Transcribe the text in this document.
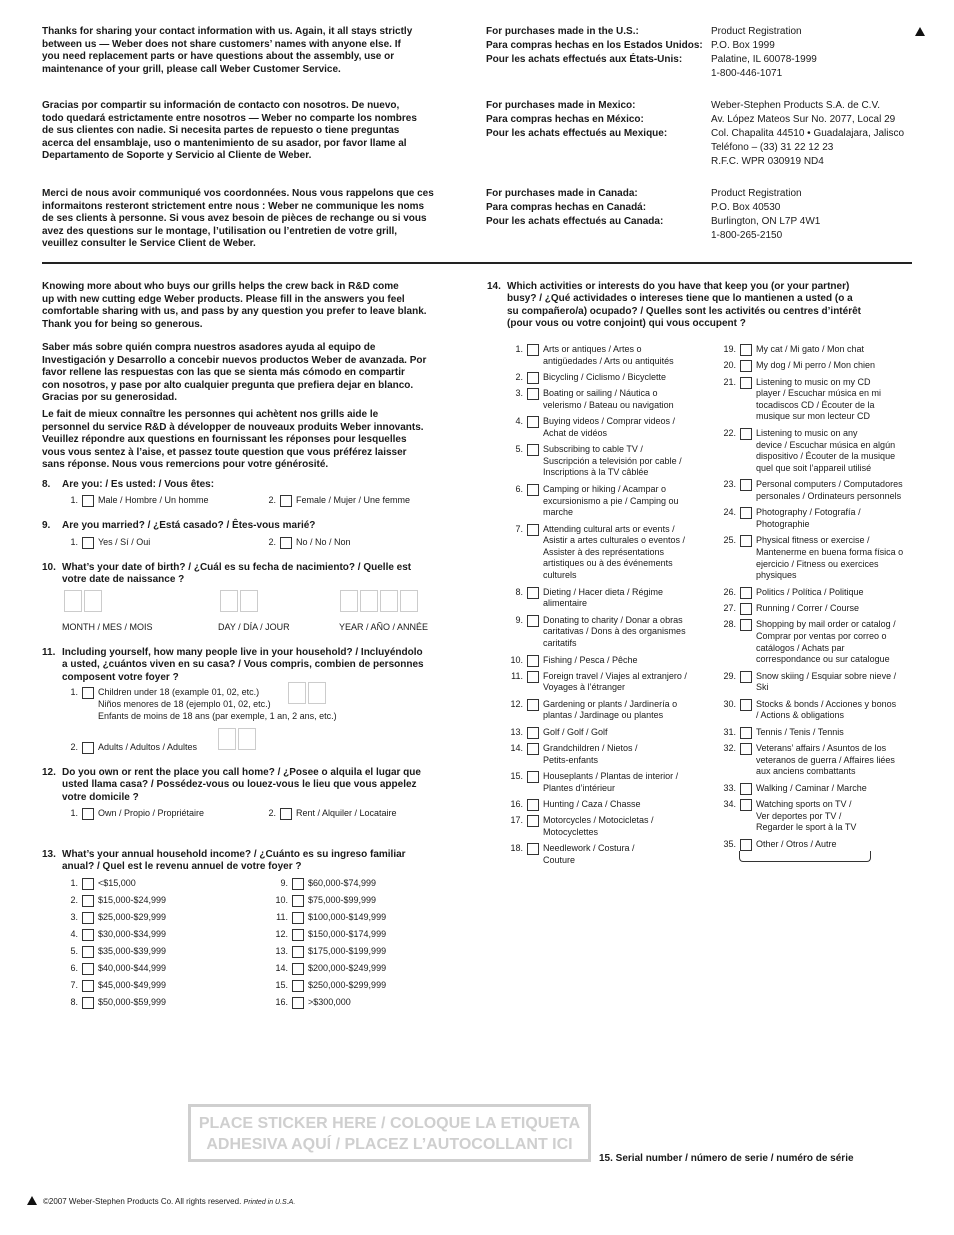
Thanks for sharing your contact information with us. Again, it all stays strictly

between us — Weber does not share customers’ names with anyone else. If

you need replacement parts or have questions about the assembly, use or

maintenance of your grill, please call Weber Customer Service.

Gracias por compartir su información de contacto con nosotros. De nuevo,

todo quedará estrictamente entre nosotros — Weber no comparte los nombres

de sus clientes con nadie. Si necesita partes de repuesto o tiene preguntas

acerca del ensamblaje, uso o mantenimiento de su asador, por favor llame al

Departamento de Soporte y Servicio al Cliente de Weber.

Merci de nous avoir communiqué vos coordonnées. Nous vous rappelons que ces

informaitons resteront strictement entre nous : Weber ne communique les noms

de ses clients à personne. Si vous avez besoin de pièces de rechange ou si vous

avez des questions sur le montage, l’utilisation ou l’entretien de votre grill,

veuillez consulter le Service Client de Weber.

For purchases made in the U.S.:
Para compras hechas en los Estados Unidos:
Pour les achats effectués aux États-Unis:
Product Registration
P.O. Box 1999
Palatine, IL 60078-1999
1-800-446-1071
For purchases made in Mexico:
Para compras hechas en México:
Pour les achats effectués au Mexique:
Weber-Stephen Products S.A. de C.V.
Av. López Mateos Sur No. 2077, Local 29
Col. Chapalita 44510 • Guadalajara, Jalisco
Teléfono – (33) 31 22 12 23
R.F.C. WPR 030919 ND4
For purchases made in Canada:
Para compras hechas en Canadá:
Pour les achats effectués au Canada:
Product Registration
P.O. Box 40530
Burlington, ON L7P 4W1
1-800-265-2150

Knowing more about who buys our grills helps the crew back in R&D come

up with new cutting edge Weber products. Please fill in the answers you feel

comfortable sharing with us, and pass by any question you prefer to leave blank.

Thank you for being so generous.

Saber más sobre quién compra nuestros asadores ayuda al equipo de

Investigación y Desarrollo a concebir nuevos productos Weber de avanzada. Por

favor rellene las respuestas con las que se sienta más cómodo en compartir

con nosotros, y pase por alto cualquier pregunta que prefiera dejar en blanco.

Gracias por su generosidad.

Le fait de mieux connaître les personnes qui achètent nos grills aide le

personnel du service R&D à développer de nouveaux produits Weber innovants.

Veuillez répondre aux questions en fournissant les réponses pour lesquelles

vous vous sentez à l’aise, et passez toute question que vous préférez laisser

sans réponse. Nous vous remercions pour votre générosité.

8. Are you: / Es usted: / Vous êtes:
1. Male / Hombre / Un homme	2. Female / Mujer / Une femme
9. Are you married? / ¿Está casado? / Êtes-vous marié?
1. Yes / Sí / Oui	2. No / No / Non
10. What’s your date of birth? / ¿Cuál es su fecha de nacimiento? / Quelle est
votre date de naissance ?
MONTH / MES / MOIS	DAY / DÍA / JOUR	YEAR / AÑO / ANNÉE
11. Including yourself, how many people live in your household? / Incluyéndolo
a usted, ¿cuántos viven en su casa? / Vous compris, combien de personnes
composent votre foyer ?
1. Children under 18 (example 01, 02, etc.)
Niños menores de 18 (ejemplo 01, 02, etc.)
Enfants de moins de 18 ans (par exemple, 1 an, 2 ans, etc.)
2. Adults / Adultos / Adultes
12. Do you own or rent the place you call home? / ¿Posee o alquila el lugar que
usted llama casa? / Possédez-vous ou louez-vous le lieu que vous appelez
votre domicile ?
1. Own / Propio / Propriétaire	2. Rent / Alquiler / Locataire
13. What’s your annual household income? / ¿Cuánto es su ingreso familiar
anual? / Quel est le revenu annuel de votre foyer ?
1. <$15,000
2. $15,000-$24,999
3. $25,000-$29,999
4. $30,000-$34,999
5. $35,000-$39,999
6. $40,000-$44,999
7. $45,000-$49,999
8. $50,000-$59,999
9. $60,000-$74,999
10. $75,000-$99,999
11. $100,000-$149,999
12. $150,000-$174,999
13. $175,000-$199,999
14. $200,000-$249,999
15. $250,000-$299,999
16. >$300,000
14. Which activities or interests do you have that keep you (or your partner)
busy? / ¿Qué actividades o intereses tiene que lo mantienen a usted (o a
su compañero/a) ocupado? / Quelles sont les activités ou centres d’intérêt
(pour vous ou votre conjoint) qui vous occupent ?
1. Arts or antiques / Artes o
antigüedades / Arts ou antiquités
2. Bicycling / Ciclismo / Bicyclette
3. Boating or sailing / Náutica o
velerismo / Bateau ou navigation
4. Buying videos / Comprar videos /
Achat de vidéos
5. Subscribing to cable TV /
Suscripción a televisión por cable /
Inscriptions à la TV câblée
6. Camping or hiking / Acampar o
excursionismo a pie / Camping ou
marche
7. Attending cultural arts or events /
Asistir a artes culturales o eventos /
Assister à des représentations
artistiques ou à des événements
culturels
8. Dieting / Hacer dieta / Régime
alimentaire
9. Donating to charity / Donar a obras
caritativas / Dons à des organismes
caritatifs
10. Fishing / Pesca / Pêche
11. Foreign travel / Viajes al extranjero /
Voyages à l’étranger
12. Gardening or plants / Jardinería o
plantas / Jardinage ou plantes
13. Golf / Golf / Golf
14. Grandchildren / Nietos /
Petits-enfants
15. Houseplants / Plantas de interior /
Plantes d’intérieur
16. Hunting / Caza / Chasse
17. Motorcycles / Motocicletas /
Motocyclettes
18. Needlework / Costura /
Couture
19. My cat / Mi gato / Mon chat
20. My dog / Mi perro / Mon chien
21. Listening to music on my CD
player / Escuchar música en mi
tocadiscos CD / Écouter de la
musique sur mon lecteur CD
22. Listening to music on any
device / Escuchar música en algún
dispositivo / Écouter de la musique
quel que soit l’appareil utilisé
23. Personal computers / Computadores
personales / Ordinateurs personnels
24. Photography / Fotografía /
Photographie
25. Physical fitness or exercise /
Mantenerme en buena forma física o
ejercicio / Fitness ou exercices
physiques
26. Politics / Política / Politique
27. Running / Correr / Course
28. Shopping by mail order or catalog /
Comprar por ventas por correo o
catálogos / Achats par
correspondance ou sur catalogue
29. Snow skiing / Esquiar sobre nieve /
Ski
30. Stocks & bonds / Acciones y bonos
/ Actions & obligations
31. Tennis / Tenis / Tennis
32. Veterans’ affairs / Asuntos de los
veteranos de guerra / Affaires liées
aux anciens combattants
33. Walking / Caminar / Marche
34. Watching sports on TV /
Ver deportes por TV /
Regarder le sport à la TV
35. Other / Otros / Autre
PLACE STICKER HERE / COLOQUE LA ETIQUETA
ADHESIVA AQUÍ / PLACEZ L’AUTOCOLLANT ICI
15. Serial number / número de serie / numéro de série
©2007 Weber-Stephen Products Co. All rights reserved. Printed in U.S.A.
